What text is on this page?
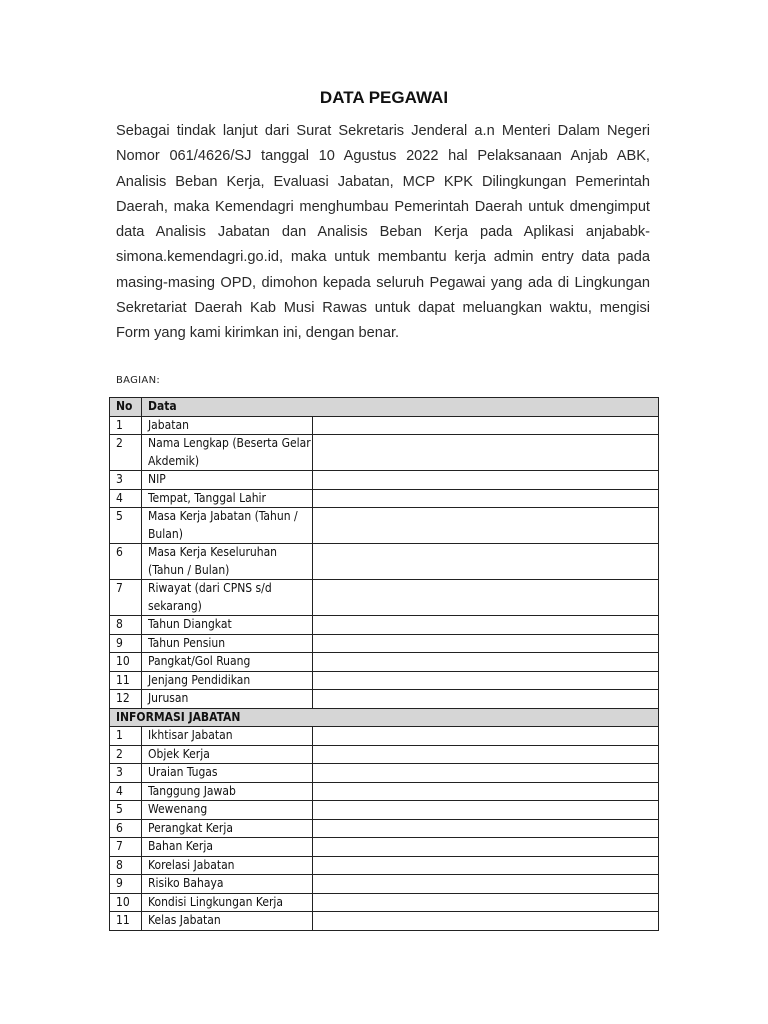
DATA PEGAWAI

Sebagai tindak lanjut dari Surat Sekretaris Jenderal a.n Menteri Dalam Negeri Nomor 061/4626/SJ tanggal 10 Agustus 2022 hal Pelaksanaan Anjab ABK, Analisis Beban Kerja, Evaluasi Jabatan, MCP KPK Dilingkungan Pemerintah Daerah, maka Kemendagri menghumbau Pemerintah Daerah untuk dmengimput data Analisis Jabatan dan Analisis Beban Kerja pada Aplikasi anjababk-simona.kemendagri.go.id, maka untuk membantu kerja admin entry data pada masing-masing OPD, dimohon kepada seluruh Pegawai yang ada di Lingkungan Sekretariat Daerah Kab Musi Rawas untuk dapat meluangkan waktu, mengisi Form yang kami kirimkan ini, dengan benar.

BAGIAN:

No	Data	
1	Jabatan	
2	Nama Lengkap (Beserta Gelar Akdemik)	
3	NIP	
4	Tempat, Tanggal Lahir	
5	Masa Kerja Jabatan (Tahun / Bulan)	
6	Masa Kerja Keseluruhan (Tahun / Bulan)	
7	Riwayat (dari CPNS s/d sekarang)	
8	Tahun Diangkat	
9	Tahun Pensiun	
10	Pangkat/Gol Ruang	
11	Jenjang Pendidikan	
12	Jurusan	
INFORMASI JABATAN		
1	Ikhtisar Jabatan	
2	Objek Kerja	
3	Uraian Tugas	
4	Tanggung Jawab	
5	Wewenang	
6	Perangkat Kerja	
7	Bahan Kerja	
8	Korelasi Jabatan	
9	Risiko Bahaya	
10	Kondisi Lingkungan Kerja	
11	Kelas Jabatan	
